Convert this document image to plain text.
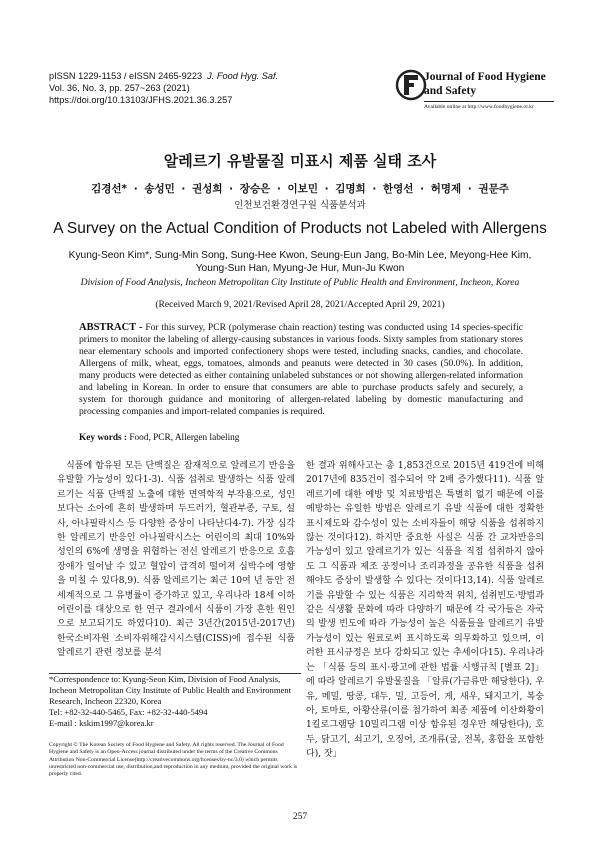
pISSN 1229-1153 / eISSN 2465-9223 J. Food Hyg. Saf.
Vol. 36, No. 3, pp. 257~263 (2021)
https://doi.org/10.13103/JFHS.2021.36.3.257
Journal of Food Hygiene
and Safety
Available online at http://www.foodhygiene.or.kr
알레르기 유발물질 미표시 제품 실태 조사
김경선* · 송성민 · 권성희 · 장승은 · 이보민 · 김명희 · 한영선 · 허명제 · 권문주
인천보건환경연구원 식품분석과
A Survey on the Actual Condition of Products not Labeled with Allergens
Kyung-Seon Kim*, Sung-Min Song, Sung-Hee Kwon, Seung-Eun Jang, Bo-Min Lee, Meyong-Hee Kim,
Young-Sun Han, Myung-Je Hur, Mun-Ju Kwon
Division of Food Analysis, Incheon Metropolitan City Institute of Public Health and Environment, Incheon, Korea
(Received March 9, 2021/Revised April 28, 2021/Accepted April 29, 2021)
ABSTRACT - For this survey, PCR (polymerase chain reaction) testing was conducted using 14 species-specific primers to monitor the labeling of allergy-causing substances in various foods. Sixty samples from stationary stores near elementary schools and imported confectionery shops were tested, including snacks, candies, and chocolate. Allergens of milk, wheat, eggs, tomatoes, almonds and peanuts were detected in 30 cases (50.0%). In addition, many products were detected as either containing unlabeled substances or not showing allergen-related information and labeling in Korean. In order to ensure that consumers are able to purchase products safely and securely, a system for thorough guidance and monitoring of allergen-related labeling by domestic manufacturing and processing companies and import-related companies is required.
Key words : Food, PCR, Allergen labeling
식품에 함유된 모든 단백질은 잠재적으로 알레르기 반응을 유발할 가능성이 있다1-3). 식품 섭취로 발생하는 식품 알레르기는 식품 단백질 노출에 대한 면역학적 부작용으로, 성인보다는 소아에 흔히 발생하며 두드러기, 혈관부종, 구토, 설사, 아나필락시스 등 다양한 증상이 나타난다4-7). 가장 심각한 알레르기 반응인 아나필락시스는 어린이의 최대 10%와 성인의 6%에 생명을 위협하는 전신 알레르기 반응으로 호흡 장애가 일어날 수 있고 혈압이 급격히 떨어져 심박수에 영향을 미칠 수 있다8,9). 식품 알레르기는 최근 10여 년 동안 전 세계적으로 그 유병률이 증가하고 있고, 우리나라 18세 이하 어린이를 대상으로 한 연구 결과에서 식품이 가장 흔한 원인으로 보고되기도 하였다10). 최근 3년간(2015년-2017년) 한국소비자원 소비자위해감시시스템(CISS)에 접수된 식품 알레르기 관련 정보를 분석
한 결과 위해사고는 총 1,853건으로 2015년 419건에 비해 2017년에 835건이 접수되어 약 2배 증가했다11). 식품 알레르기에 대한 예방 및 치료방법은 특별히 없기 때문에 이를 예방하는 유일한 방법은 알레르기 유발 식품에 대한 정확한 표시제도와 감수성이 있는 소비자들이 해당 식품을 섭취하지 않는 것이다12). 하지만 중요한 사실은 식품 간 교차반응의 가능성이 있고 알레르기가 있는 식품을 직접 섭취하지 않아도 그 식품과 제조 공정이나 조리과정을 공유한 식품을 섭취해야도 증상이 발생할 수 있다는 것이다13,14). 식품 알레르기를 유발할 수 있는 식품은 지리학적 위치, 섭취빈도·방법과 같은 식생활 문화에 따라 다양하기 때문에 각 국가들은 자국의 발생 빈도에 따라 가능성이 높은 식품들을 알레르기 유발 가능성이 있는 원료로써 표시하도록 의무화하고 있으며, 이러한 표시규정은 보다 강화되고 있는 추세이다15). 우리나라는 「식품 등의 표시·광고에 관한 법률 시행규칙 [별표 2]」에 따라 알레르기 유발물질을 「알류(가금류만 해당한다), 우유, 메밀, 땅콩, 대두, 밀, 고등어, 게, 새우, 돼지고기, 복숭아, 토마토, 아황산류(이를 첨가하여 최종 제품에 이산화황이 1킬로그램당 10밀리그램 이상 함유된 경우만 해당한다), 호두, 닭고기, 쇠고기, 오징어, 조개류(굴, 전복, 홍합을 포함한다), 잣」
*Correspondence to: Kyung-Seon Kim, Division of Food Analysis, Incheon Metropolitan City Institute of Public Health and Environment Research, Incheon 22320, Korea
Tel: +82-32-440-5465, Fax: +82-32-440-5494
E-mail : kskim1997@korea.kr
Copyright © The Korean Society of Food Hygiene and Safety. All rights reserved. The Journal of Food Hygiene and Safety is an Open-Access journal distributed under the terms of the Creative Commons Attribution Non-Commercial License(http://creativecommons.org/licenses/by-nc/3.0) which permits unrestricted non-commercial use, distribution,and reproduction in any medium, provided the original work is properly cited.
257
